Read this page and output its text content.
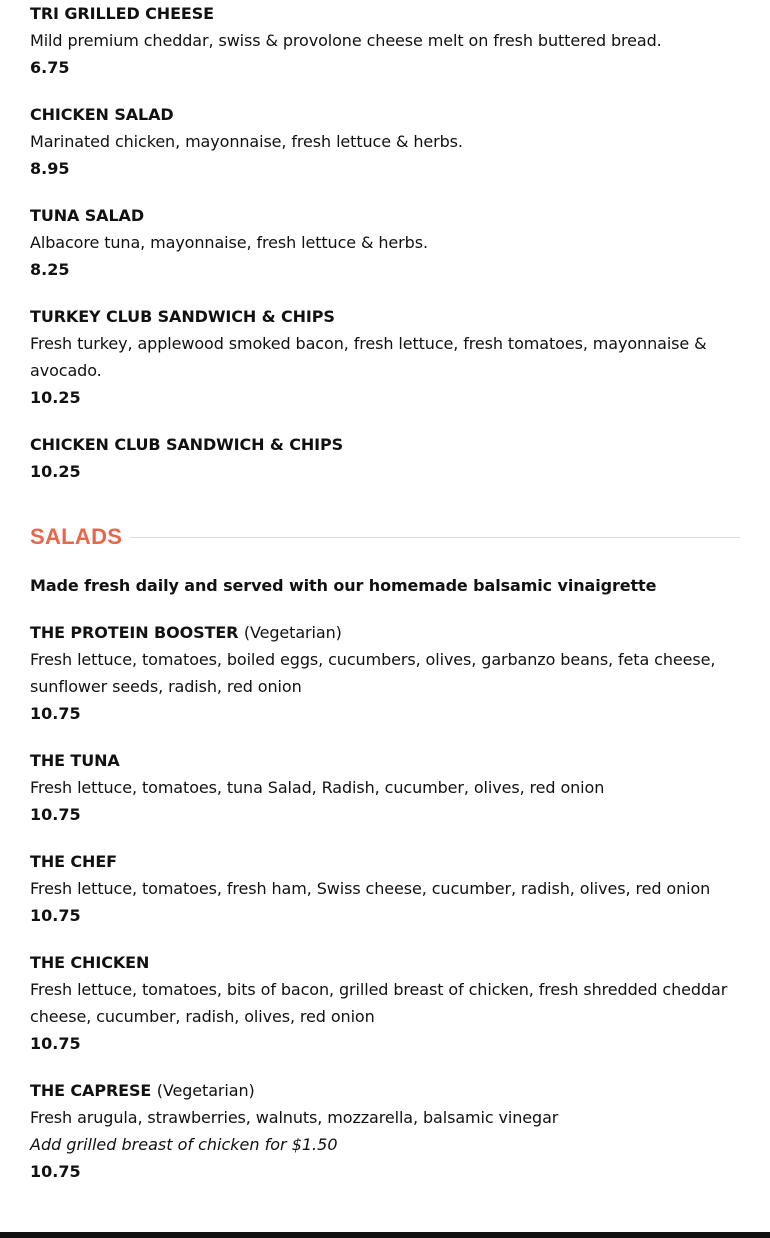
TRI GRILLED CHEESE

Mild premium cheddar, swiss & provolone cheese melt on fresh buttered bread.

6.75

CHICKEN SALAD

Marinated chicken, mayonnaise, fresh lettuce & herbs.

8.95

TUNA SALAD

Albacore tuna, mayonnaise, fresh lettuce & herbs.

8.25

TURKEY CLUB SANDWICH & CHIPS

Fresh turkey, applewood smoked bacon, fresh lettuce, fresh tomatoes, mayonnaise & avocado.

10.25

CHICKEN CLUB SANDWICH & CHIPS

10.25

SALADS

Made fresh daily and served with our homemade balsamic vinaigrette

THE PROTEIN BOOSTER (Vegetarian)

Fresh lettuce, tomatoes, boiled eggs, cucumbers, olives, garbanzo beans, feta cheese, sunflower seeds, radish, red onion

10.75

THE TUNA

Fresh lettuce, tomatoes, tuna Salad, Radish, cucumber, olives, red onion

10.75

THE CHEF

Fresh lettuce, tomatoes, fresh ham, Swiss cheese, cucumber, radish, olives, red onion

10.75

THE CHICKEN

Fresh lettuce, tomatoes, bits of bacon, grilled breast of chicken, fresh shredded cheddar cheese, cucumber, radish, olives, red onion

10.75

THE CAPRESE (Vegetarian)

Fresh arugula, strawberries, walnuts, mozzarella, balsamic vinegar

Add grilled breast of chicken for $1.50

10.75
